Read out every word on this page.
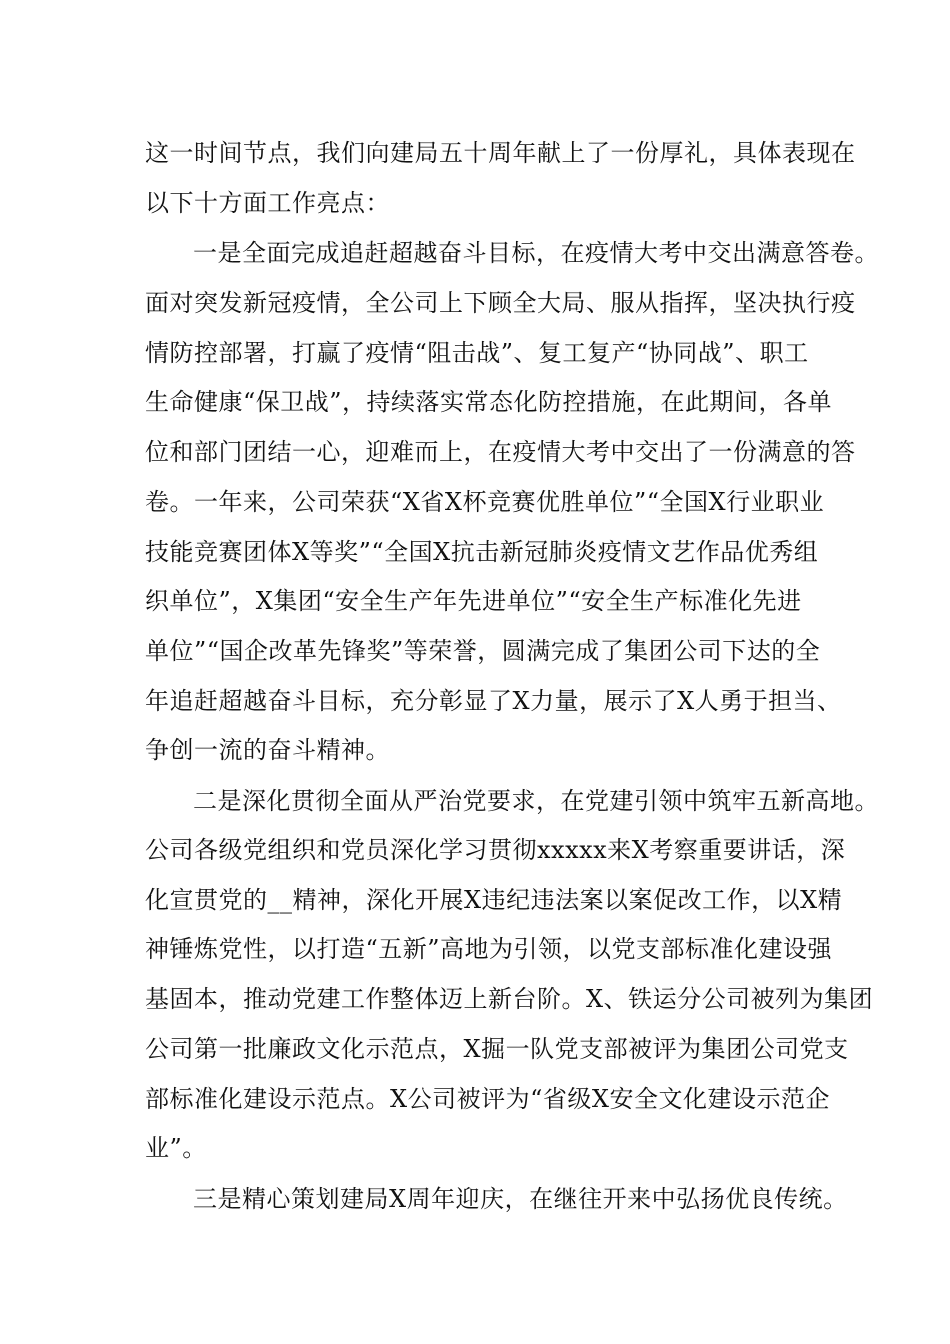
这一时间节点，我们向建局五十周年献上了一份厚礼，具体表现在

以下十方面工作亮点：

一是全面完成追赶超越奋斗目标，在疫情大考中交出满意答卷。

面对突发新冠疫情，全公司上下顾全大局、服从指挥，坚决执行疫

情防控部署，打赢了疫情“阻击战”、复工复产“协同战”、职工

生命健康“保卫战”，持续落实常态化防控措施，在此期间，各单

位和部门团结一心，迎难而上，在疫情大考中交出了一份满意的答

卷。一年来，公司荣获“X省X杯竞赛优胜单位”“全国X行业职业

技能竞赛团体X等奖”“全国X抗击新冠肺炎疫情文艺作品优秀组

织单位”，X集团“安全生产年先进单位”“安全生产标准化先进

单位”“国企改革先锋奖”等荣誉，圆满完成了集团公司下达的全

年追赶超越奋斗目标，充分彰显了X力量，展示了X人勇于担当、

争创一流的奋斗精神。

二是深化贯彻全面从严治党要求，在党建引领中筑牢五新高地。

公司各级党组织和党员深化学习贯彻xxxxx来X考察重要讲话，深

化宣贯党的__精神，深化开展X违纪违法案以案促改工作，以X精

神锤炼党性，以打造“五新”高地为引领，以党支部标准化建设强

基固本，推动党建工作整体迈上新台阶。X、铁运分公司被列为集团

公司第一批廉政文化示范点，X掘一队党支部被评为集团公司党支

部标准化建设示范点。X公司被评为“省级X安全文化建设示范企

业”。

三是精心策划建局X周年迎庆，在继往开来中弘扬优良传统。
